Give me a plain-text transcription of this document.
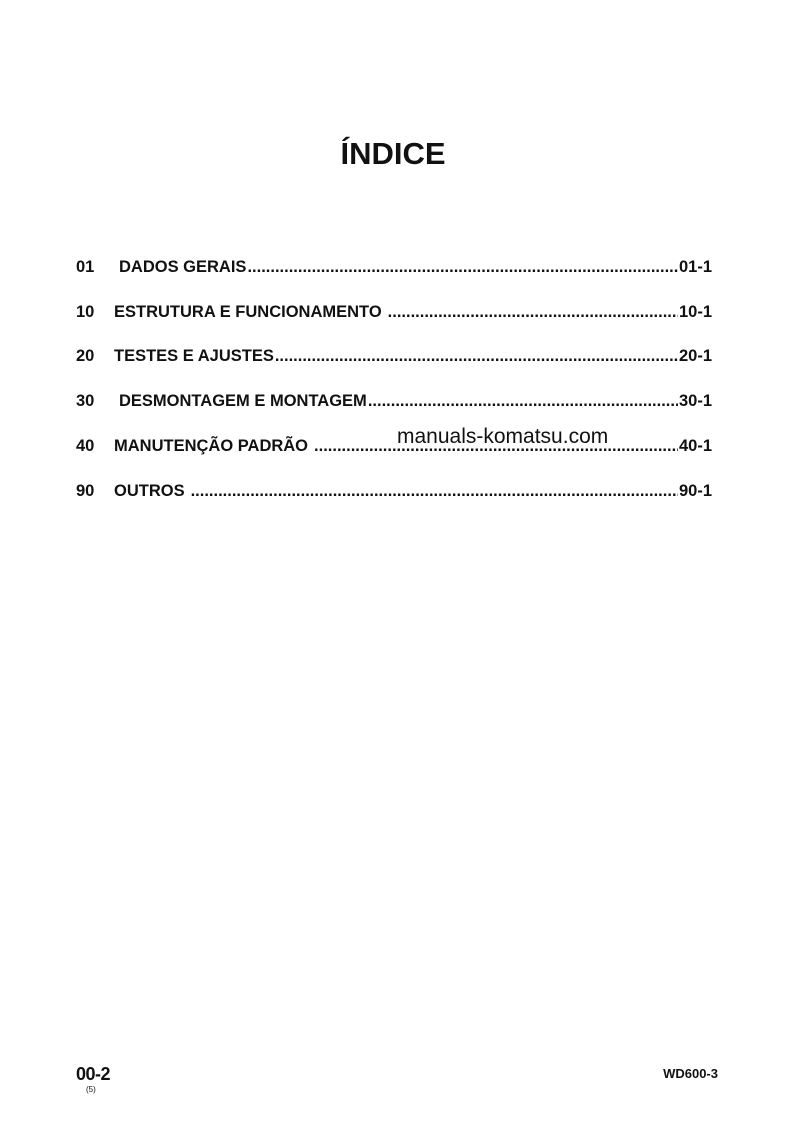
ÍNDICE
01	DADOS GERAIS .....	01-1
10	ESTRUTURA E FUNCIONAMENTO .....	10-1
20	TESTES E AJUSTES .....	20-1
30	DESMONTAGEM E MONTAGEM .....	30-1
40	MANUTENÇÃO PADRÃO .....	40-1
90	OUTROS .....	90-1
manuals-komatsu.com
00-2
(5)
WD600-3
